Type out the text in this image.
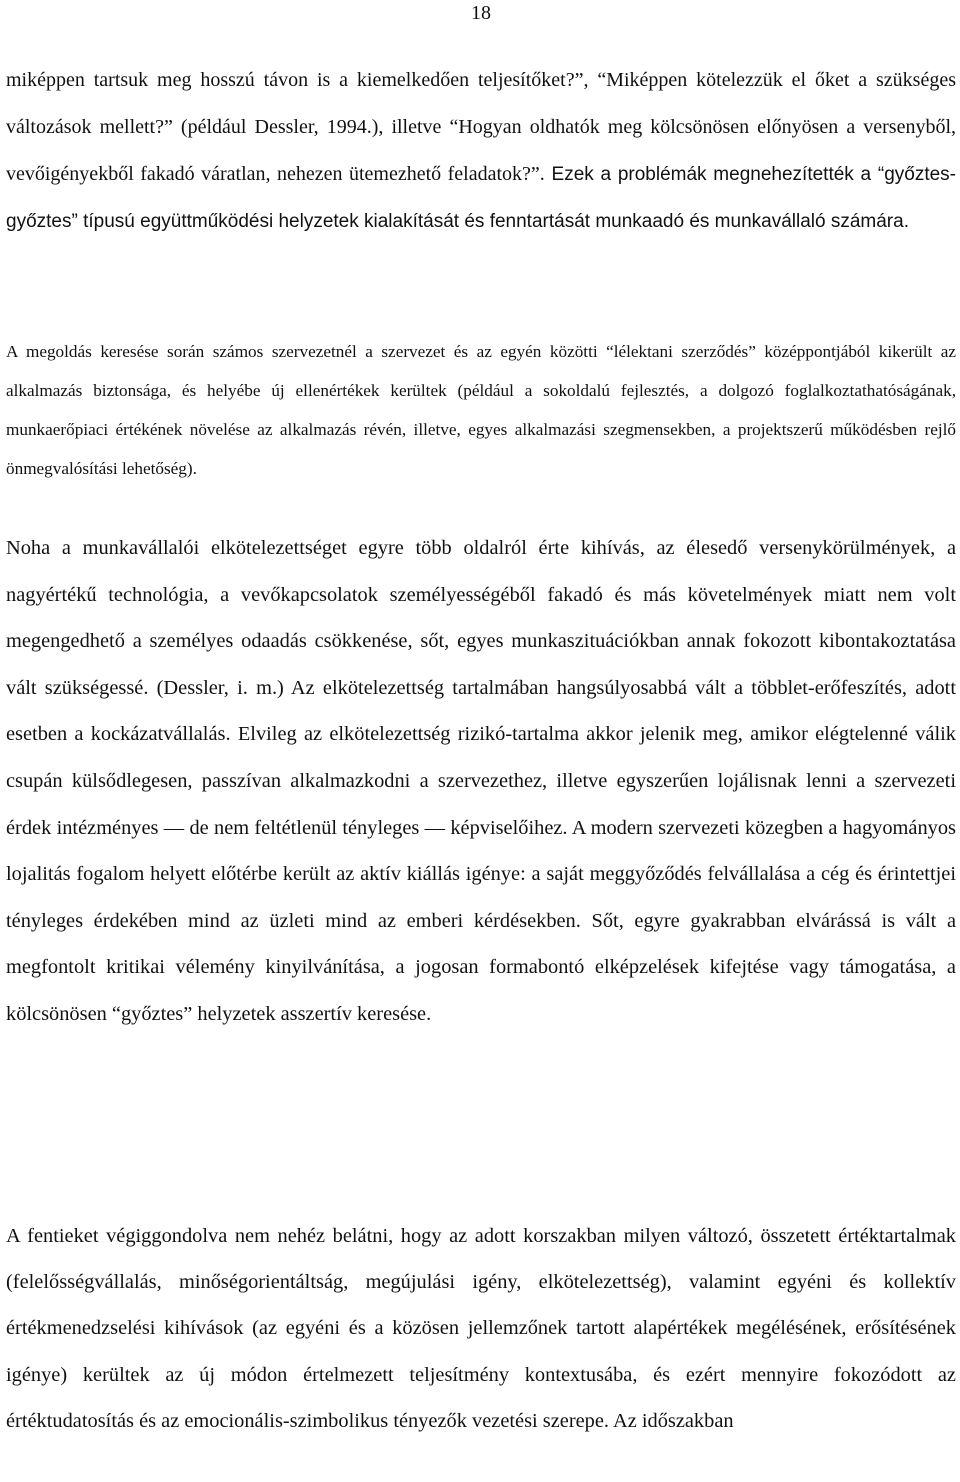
18

miképpen tartsuk meg hosszú távon is a kiemelkedően teljesítőket?”, “Miképpen kötelezzük el őket a szükséges változások mellett?” (például Dessler, 1994.), illetve “Hogyan oldhatók meg kölcsönösen előnyösen a versenyből, vevőigényekből fakadó váratlan, nehezen ütemezhető feladatok?”. Ezek a problémák megnehezítették a “győztes-győztes” típusú együttműködési helyzetek kialakítását és fenntartását munkaadó és munkavállaló számára.

A megoldás keresése során számos szervezetnél a szervezet és az egyén közötti “lélektani szerződés” középpontjából kikerült az alkalmazás biztonsága, és helyébe új ellenértékek kerültek (például a sokoldalú fejlesztés, a dolgozó foglalkoztathatóságának, munkaerőpiaci értékének növelése az alkalmazás révén, illetve, egyes alkalmazási szegmensekben, a projektszerű működésben rejlő önmegvalósítási lehetőség).

Noha a munkavállalói elkötelezettséget egyre több oldalról érte kihívás, az élesedő versenykörülmények, a nagyértékű technológia, a vevőkapcsolatok személyességéből fakadó és más követelmények miatt nem volt megengedhető a személyes odaadás csökkenése, sőt, egyes munkaszituációkban annak fokozott kibontakoztatása vált szükségessé. (Dessler, i. m.) Az elkötelezettség tartalmában hangsúlyosabbá vált a többlet-erőfeszítés, adott esetben a kockázatvállalás. Elvileg az elkötelezettség rizikó-tartalma akkor jelenik meg, amikor elégtelenné válik csupán külsődlegesen, passzívan alkalmazkodni a szervezethez, illetve egyszerűen lojálisnak lenni a szervezeti érdek intézményes — de nem feltétlenül tényleges — képviselőihez. A modern szervezeti közegben a hagyományos lojalitás fogalom helyett előtérbe került az aktív kiállás igénye: a saját meggyőződés felvállalása a cég és érintettjei tényleges érdekében mind az üzleti mind az emberi kérdésekben. Sőt, egyre gyakrabban elvárássá is vált a megfontolt kritikai vélemény kinyilvánítása, a jogosan formabontó elképzelések kifejtése vagy támogatása, a kölcsönösen “győztes” helyzetek asszertív keresése.

A fentieket végiggondolva nem nehéz belátni, hogy az adott korszakban milyen változó, összetett értéktartalmak (felelősségvállalás, minőségorientáltság, megújulási igény, elkötelezettség), valamint egyéni és kollektív értékmenedzselési kihívások (az egyéni és a közösen jellemzőnek tartott alapértékek megélésének, erősítésének igénye) kerültek az új módon értelmezett teljesítmény kontextusába, és ezért mennyire fokozódott az értéktudatosítás és az emocionális-szimbolikus tényezők vezetési szerepe. Az időszakban
